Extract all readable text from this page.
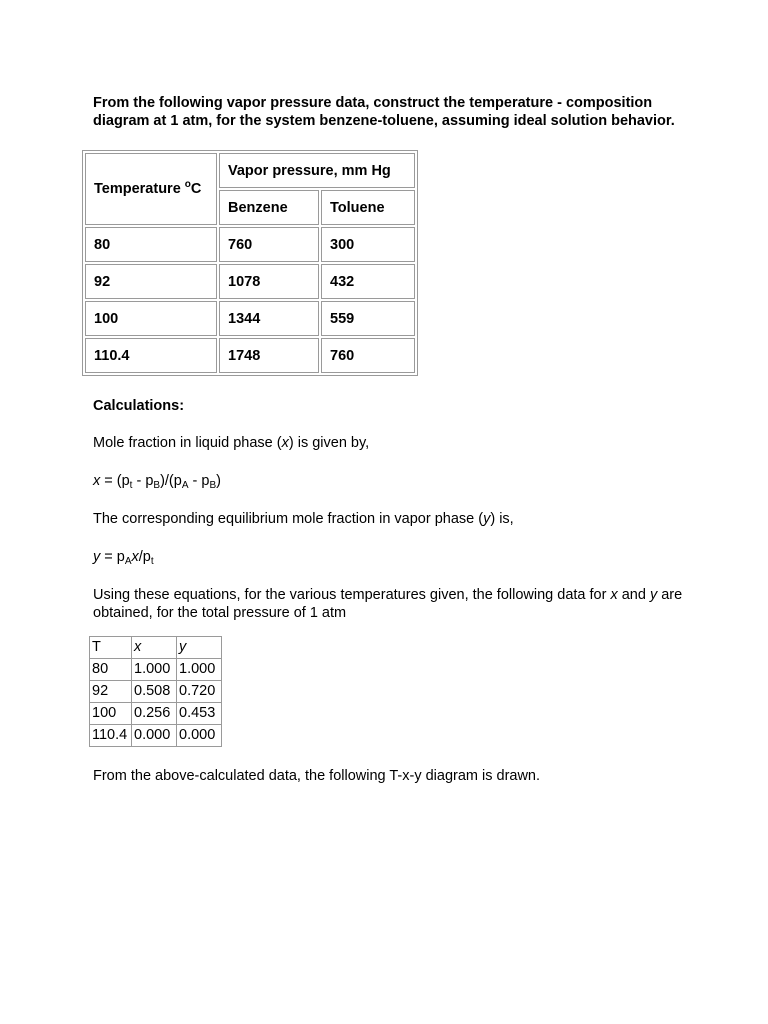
From the following vapor pressure data, construct the temperature - composition diagram at 1 atm, for the system benzene-toluene, assuming ideal solution behavior.

Temperature $^o$C	Vapor pressure, mm Hg	
	Benzene	Toluene
80	760	300
92	1078	432
100	1344	559
110.4	1748	760

Calculations:

Mole fraction in liquid phase (x) is given by,

$x = (p_t - p_B)/(p_A - p_B)$

The corresponding equilibrium mole fraction in vapor phase (y) is,

$y = p_Ax/p_t$

Using these equations, for the various temperatures given, the following data for x and y are obtained, for the total pressure of 1 atm

T	x	y
80	1.000	1.000
92	0.508	0.720
100	0.256	0.453
110.4	0.000	0.000

From the above-calculated data, the following T-x-y diagram is drawn.
